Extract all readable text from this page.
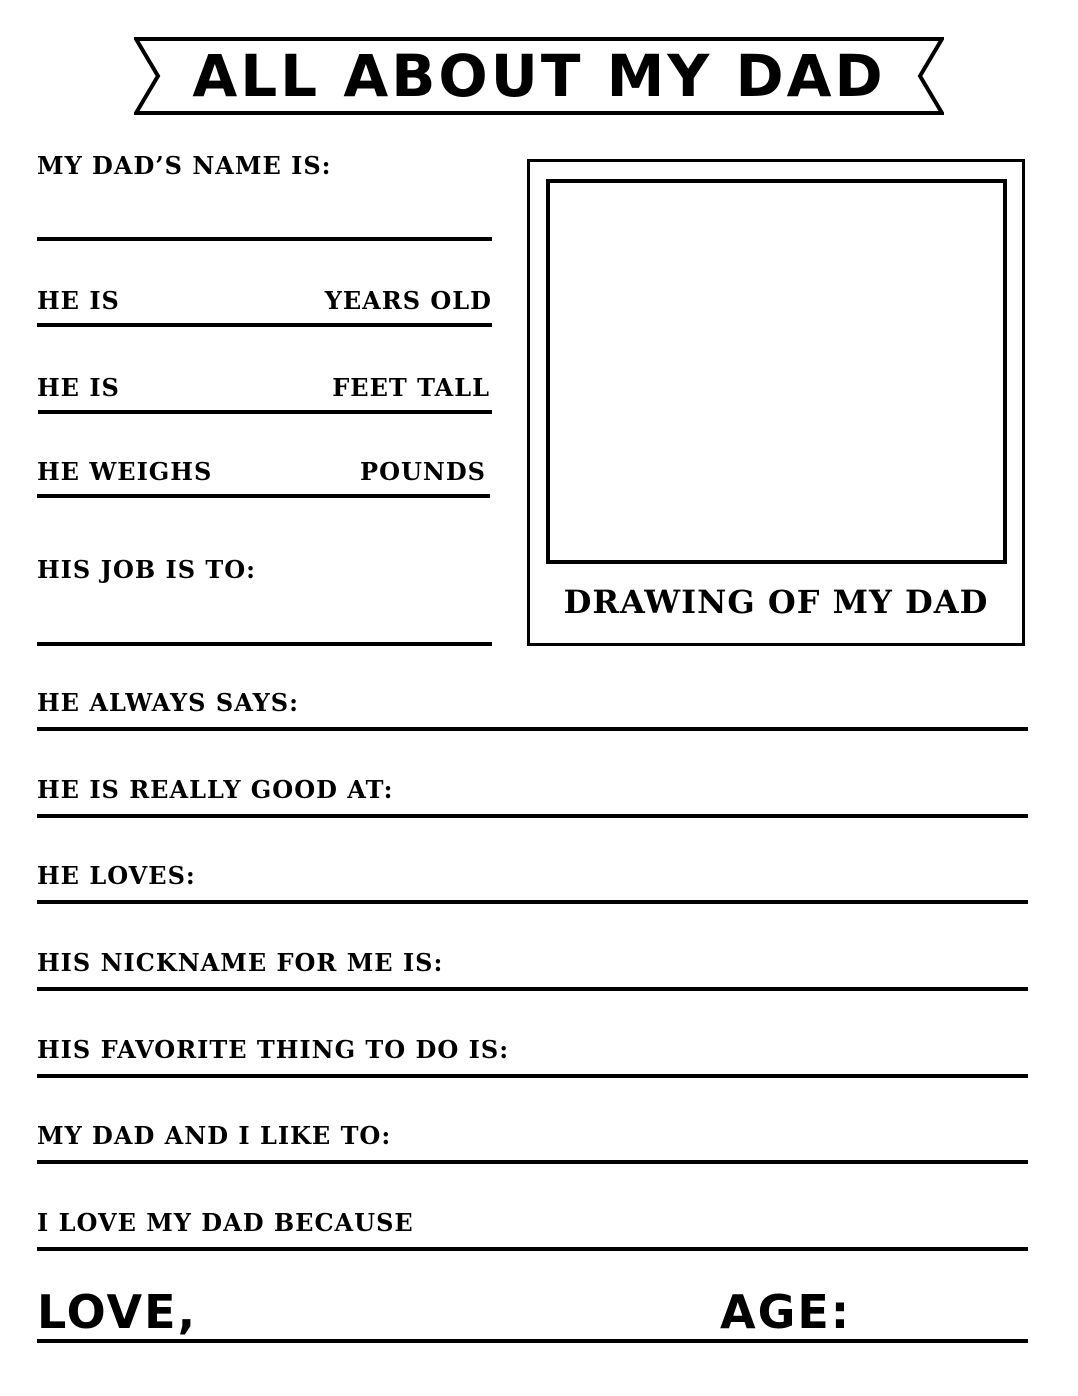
ALL ABOUT MY DAD
MY DAD’S NAME IS:
HE IS	YEARS OLD
HE IS	FEET TALL
HE WEIGHS	POUNDS
HIS JOB IS TO:
DRAWING OF MY DAD
HE ALWAYS SAYS:
HE IS REALLY GOOD AT:
HE LOVES:
HIS NICKNAME FOR ME IS:
HIS FAVORITE THING TO DO IS:
MY DAD AND I LIKE TO:
I LOVE MY DAD BECAUSE
LOVE,	AGE:
